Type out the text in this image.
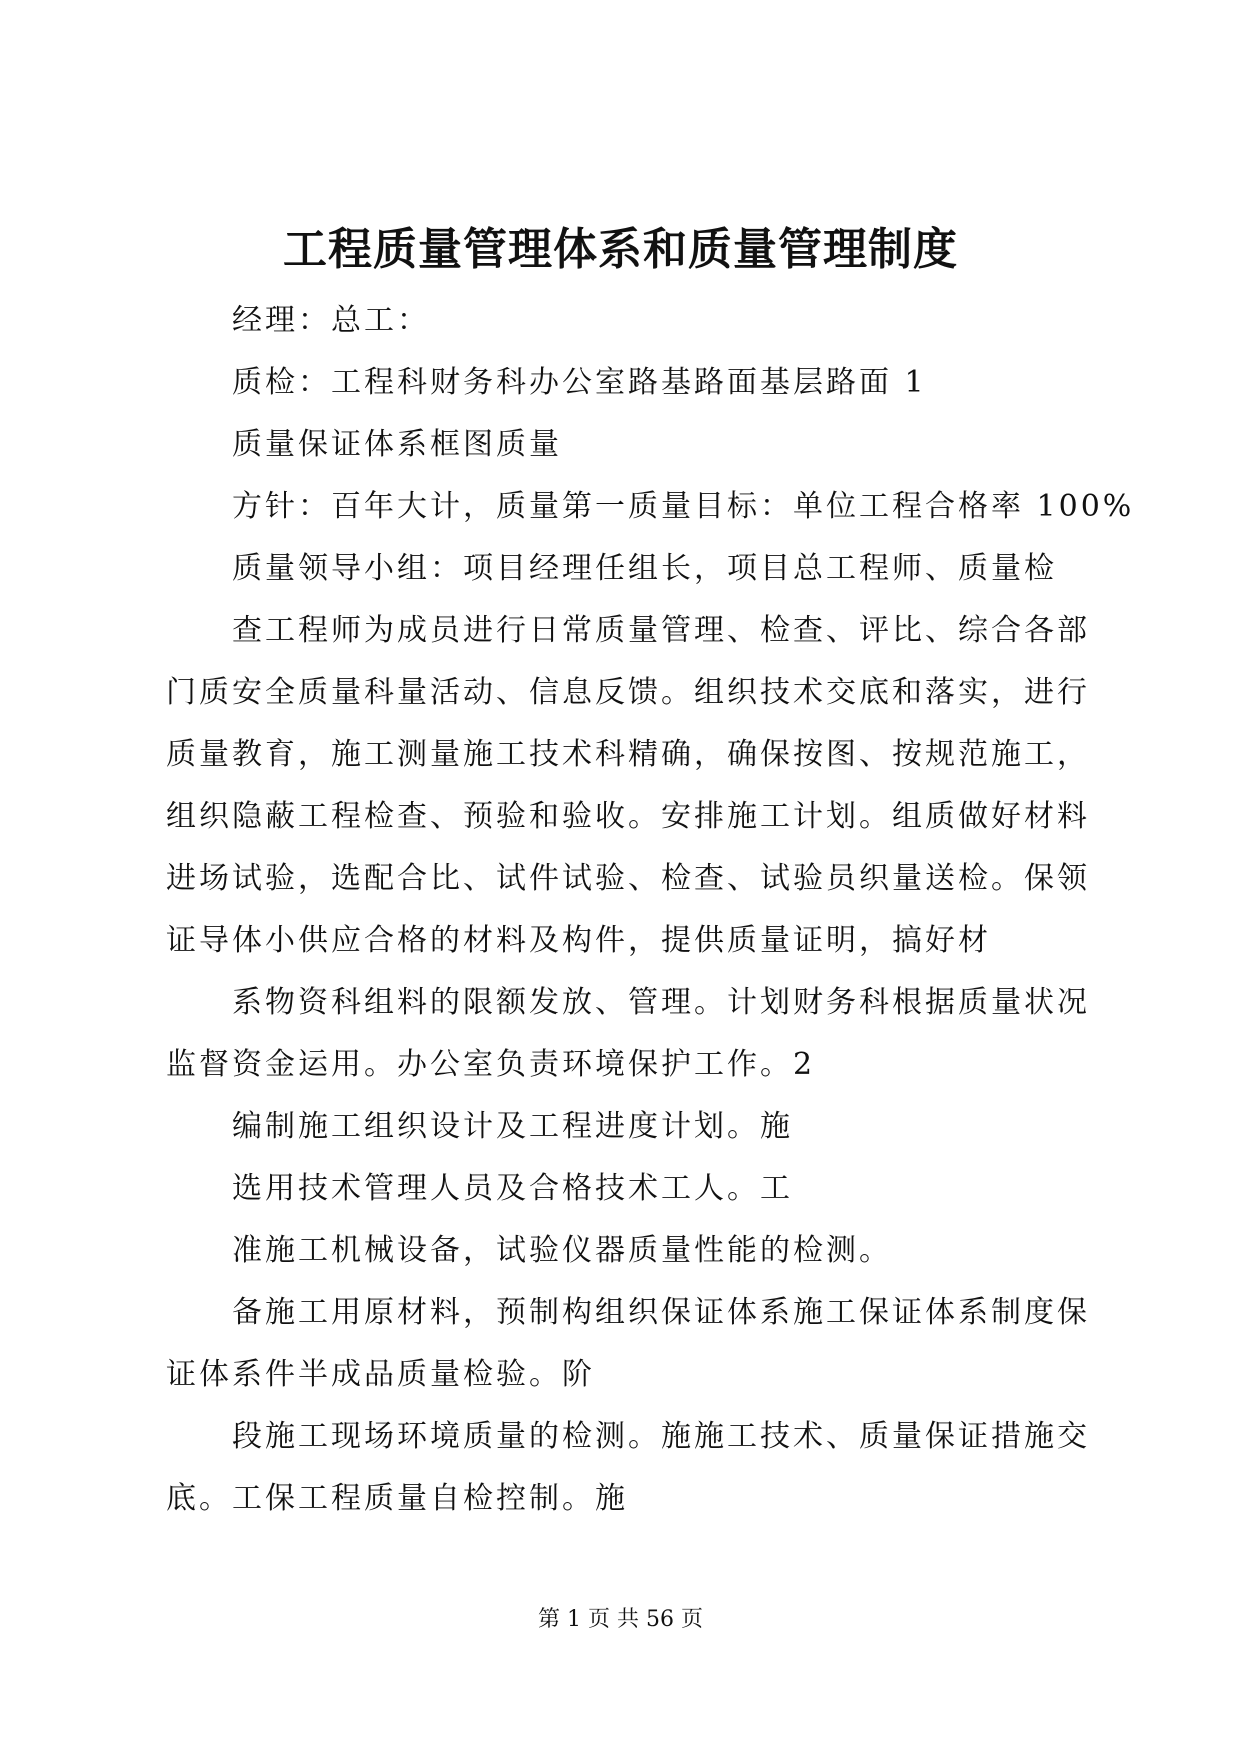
工程质量管理体系和质量管理制度

经理：总工：

质检：工程科财务科办公室路基路面基层路面 1

质量保证体系框图质量

方针：百年大计，质量第一质量目标：单位工程合格率 100%

质量领导小组：项目经理任组长，项目总工程师、质量检

查工程师为成员进行日常质量管理、检查、评比、综合各部

门质安全质量科量活动、信息反馈。组织技术交底和落实，进行

质量教育，施工测量施工技术科精确，确保按图、按规范施工，

组织隐蔽工程检查、预验和验收。安排施工计划。组质做好材料

进场试验，选配合比、试件试验、检查、试验员织量送检。保领

证导体小供应合格的材料及构件，提供质量证明，搞好材

系物资科组料的限额发放、管理。计划财务科根据质量状况

监督资金运用。办公室负责环境保护工作。2

编制施工组织设计及工程进度计划。施

选用技术管理人员及合格技术工人。工

准施工机械设备，试验仪器质量性能的检测。

备施工用原材料，预制构组织保证体系施工保证体系制度保

证体系件半成品质量检验。阶

段施工现场环境质量的检测。施施工技术、质量保证措施交

底。工保工程质量自检控制。施

第 1 页 共 56 页
